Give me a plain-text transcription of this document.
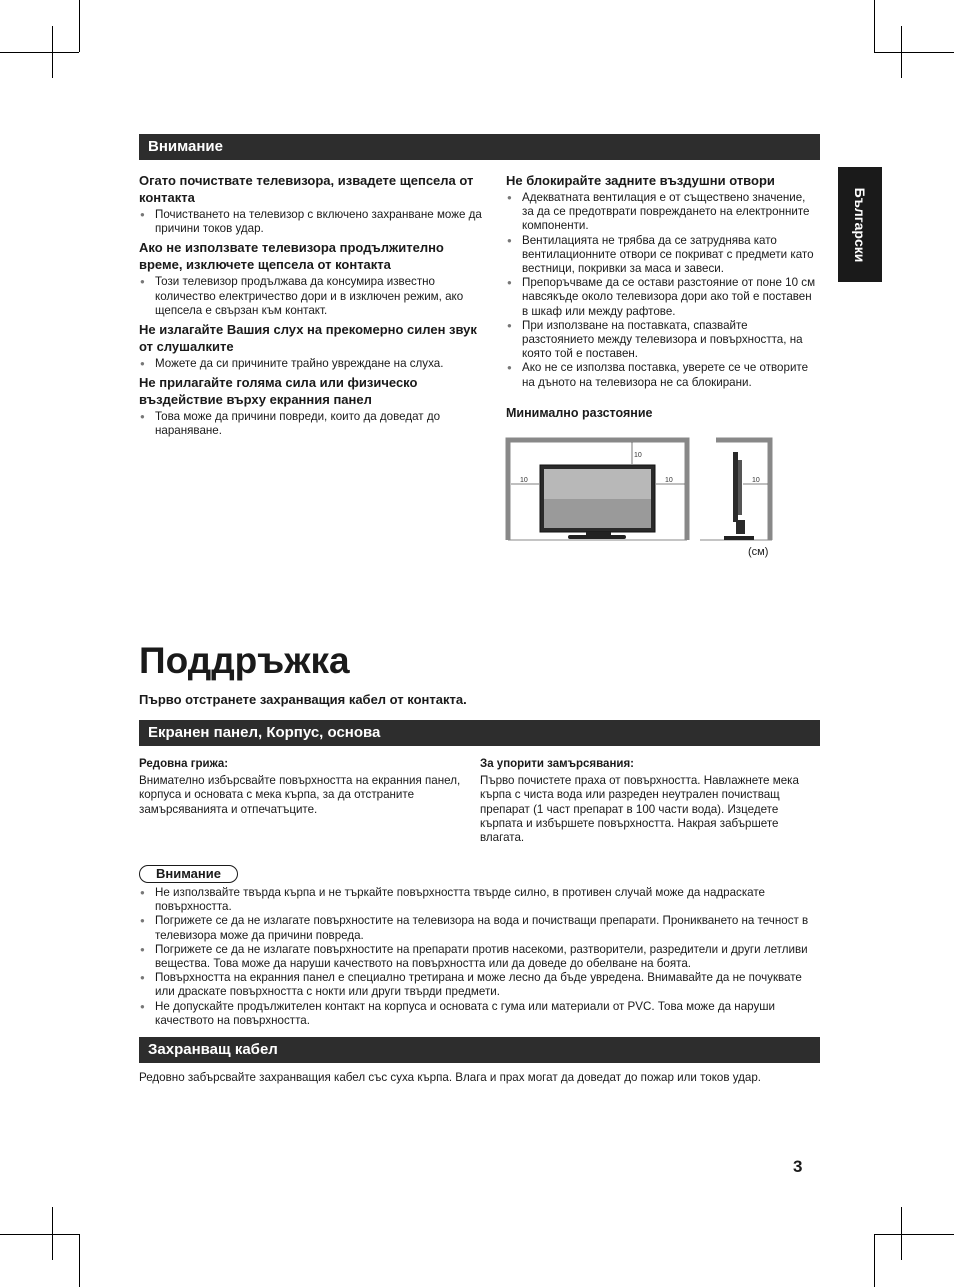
Български
Внимание

Огато почиствате телевизора, извадете щепсела от контакта

● Почистването на телевизор с включено захранване може да причини токов удар.

Ако не използвате телевизора продължително време, изключете щепсела от контакта

● Този телевизор продължава да консумира известно количество електричество дори и в изключен режим, ако щепсела е свързан към контакт.

Не излагайте Вашия слух на прекомерно силен звук от слушалките

● Можете да си причините трайно увреждане на слуха.

Не прилагайте голяма сила или физическо въздействие върху екранния панел

● Това може да причини повреди, които да доведат до нараняване.

Не блокирайте задните въздушни отвори

● Адекватната вентилация е от съществено значение, за да се предотврати повреждането на електронните компоненти.
● Вентилацията не трябва да се затруднява като вентилационните отвори се покриват с предмети като вестници, покривки за маса и завеси.
● Препоръчваме да се остави разстояние от поне 10 см навсякъде около телевизора дори ако той е поставен в шкаф или между рафтове.
● При използване на поставката, спазвайте разстоянието между телевизора и повърхността, на която той е поставен.
● Ако не се използва поставка, уверете се че отворите на дъното на телевизора не са блокирани.
Минимално разстояние
10
10	10	10
(см)
Поддръжка
Първо отстранете захранващия кабел от контакта.
Екранен панел, Корпус, основа
Редовна грижа:
Внимателно избърсвайте повърхността на екранния панел, корпуса и основата с мека кърпа, за да отстраните замърсяванията и отпечатъците.
За упорити замърсявания:
Първо почистете праха от повърхността. Навлажнете мека кърпа с чиста вода или разреден неутрален почистващ препарат (1 част препарат в 100 части вода). Изцедете кърпата и избършете повърхността. Накрая забършете влагата.
Внимание
● Не използвайте твърда кърпа и не търкайте повърхността твърде силно, в противен случай може да надраскате повърхността.
● Погрижете се да не излагате повърхностите на телевизора на вода и почистващи препарати. Проникването на течност в телевизора може да причини повреда.
● Погрижете се да не излагате повърхностите на препарати против насекоми, разтворители, разредители и други летливи вещества. Това може да наруши качеството на повърхността или да доведе до обелване на боята.
● Повърхността на екранния панел е специално третирана и може лесно да бъде увредена. Внимавайте да не почуквате или драскате повърхността с нокти или други твърди предмети.
● Не допускайте продължителен контакт на корпуса и основата с гума или материали от PVC. Това може да наруши качеството на повърхността.
Захранващ кабел
Редовно забърсвайте захранващия кабел със суха кърпа. Влага и прах могат да доведат до пожар или токов удар.
3
